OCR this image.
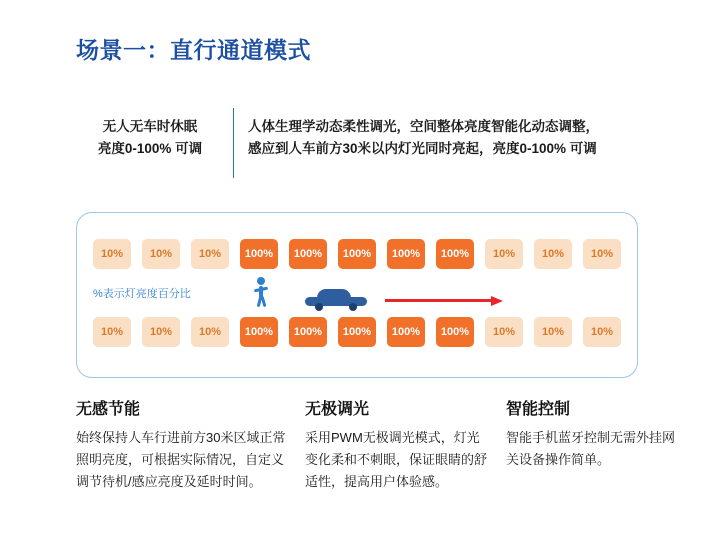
场景一：直行通道模式
无人无车时休眠
亮度0-100% 可调
人体生理学动态柔性调光，空间整体亮度智能化动态调整，
感应到人车前方30米以内灯光同时亮起，亮度0-100% 可调
10%	10%	10%	100%	100%	100%	100%	100%	10%	10%	10%
10%	10%	10%	100%	100%	100%	100%	100%	10%	10%	10%
%表示灯亮度百分比
无感节能

始终保持人车行进前方30米区域正常照明亮度，可根据实际情况，自定义调节待机/感应亮度及延时时间。

无极调光

采用PWM无极调光模式，灯光变化柔和不刺眼，保证眼睛的舒适性，提高用户体验感。

智能控制

智能手机蓝牙控制无需外挂网关设备操作简单。
